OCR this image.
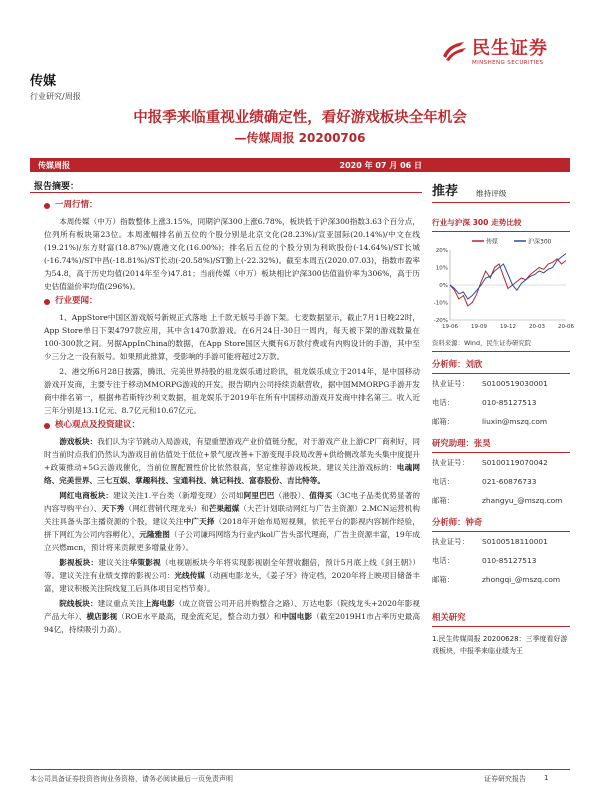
传媒
行业研究/周报
民生证券
MINSHENG SECURITIES
中报季来临重视业绩确定性，看好游戏板块全年机会
—传媒周报 20200706
传媒周报	2020 年 07 月 06 日
报告摘要：
一周行情：

本周传媒（中万）指数整体上涨3.15%，同期沪深300上涨6.78%，板块低于沪深300指数3.63个百分点，位列所有板块第23位。本周涨幅排名前五位的个股分别是北京文化(28.23%)/宣亚国际(20.14%)/中文在线(19.21%)/东方财富(18.87%)/鹿港文化(16.00%)；排名后五位的个股分别为利欧股份(-14.64%)/ST长城(-16.74%)/ST中昌(-18.81%)/ST长动(-20.58%)/ST勤上(-22.32%)。截至本周五(2020.07.03)，指数市盈率为54.8，高于历史均值(2014年至今)47.81；当前传媒（中万）板块相比沪深300估值溢价率为306%，高于历史估值溢价率均值(296%)。

行业要闻：

1、AppStore中国区游戏版号新规正式落地 上千款无版号手游下架。七麦数据显示，截止7月1日晚22时，App Store单日下架4797款应用，其中含1470款游戏。在6月24日-30日一周内，每天被下架的游戏数量在100-300款之间。另据AppInChina的数据，在App Store国区大概有6万款付费或有内购设计的手游，其中至少三分之一没有版号。如果照此推算，受影响的手游可能将超过2万款。

2、港交所6月28日披露，腾讯、完美世界持股的祖龙娱乐通过聆讯，祖龙娱乐成立于2014年，是中国移动游戏开发商，主要专注于移动MMORPG游戏的开发。报告期内公司持续贡献营收，据中国MMORPG手游开发商中排名第一，根据弗若斯特沙利文数据，祖龙娱乐于2019年在所有中国移动游戏开发商中排名第三。收入近三年分别是13.1亿元、8.7亿元和10.67亿元。

核心观点及投资建议：

游戏板块：我们认为字节跳动入局游戏，有望重塑游戏产业价值链分配，对于游戏产业上游CP厂商利好，同时当前时点我们仍然认为游戏目前估值处于低位+景气度改善+下游变现手段局改善+供给侧改革先头集中度提升+政策推动+5G云游戏催化，当前位置配置性价比依然很高，坚定推荐游戏板块。建议关注游戏标的：电魂网络、完美世界、三七互娱、掌趣科技、宝通科技、姚记科技、富春股份、吉比特等。

网红电商板块：建议关注1.平台类（新增变现）公司如阿里巴巴（港股）、值得买（3C电子品类优势显著的内容导购平台）、天下秀（网红营销代理龙头）和芒果超媒（大芒计划联动网红与广告主资源）2.MCN运营机构关注具备头部主播资源的个股，建议关注中广天择（2018年开始布局短视频，依托平台的影视内容制作经验，拼下网红为公司内容孵化），元隆雅图（子公司谦玛网络为行业内kol广告头部代理商，广告主资源丰富，19年成立兴燃mcn，预计将来贡献更多增量业务）。

影视板块：建议关注华策影视（电视剧板块今年将实现影视剧全年营收翻倍，预计5月底上线《剑王朝》）等。建议关注有业绩支撑的影视公司：光线传媒（动画电影龙头，《姜子牙》待定档，2020年将上映项目储备丰富，建议积极关注院线复工后具体项目定档节奏）。

院线板块：建议重点关注上海电影（成立资管公司开启并购整合之路）、万达电影（院线龙头+2020年影视产品大年）、横店影视（ROE水平最高，现金流充足，整合动力强）和中国电影（截至2019H1市占率历史最高94亿，持续吸引力高）。

推荐 维持评级
行业与沪深 300 走势比较
传媒	沪深300
20%
10%
0%
-10%
-20%
19-06 19-09 19-12 20-03 20-06
资料来源：Wind，民生证券研究院
分析师：刘欣
执业证号：	S0100519030001
电话：	010-85127513
邮箱：	liuxin@mszq.com
研究助理：张昊
执业证号：	S0100119070042
电话：	021-60876733
邮箱：	zhangyu_@mszq.com
分析师：钟奇
执业证号：	S0100518110001
电话：	010-85127513
邮箱：	zhongqi_@mszq.com
相关研究
1.民生传媒周报 20200628：三季度看好游戏板块，中报季来临业绩为王
本公司具备证券投资咨询业务资格，请务必阅读最后一页免责声明	证券研究报告	1
